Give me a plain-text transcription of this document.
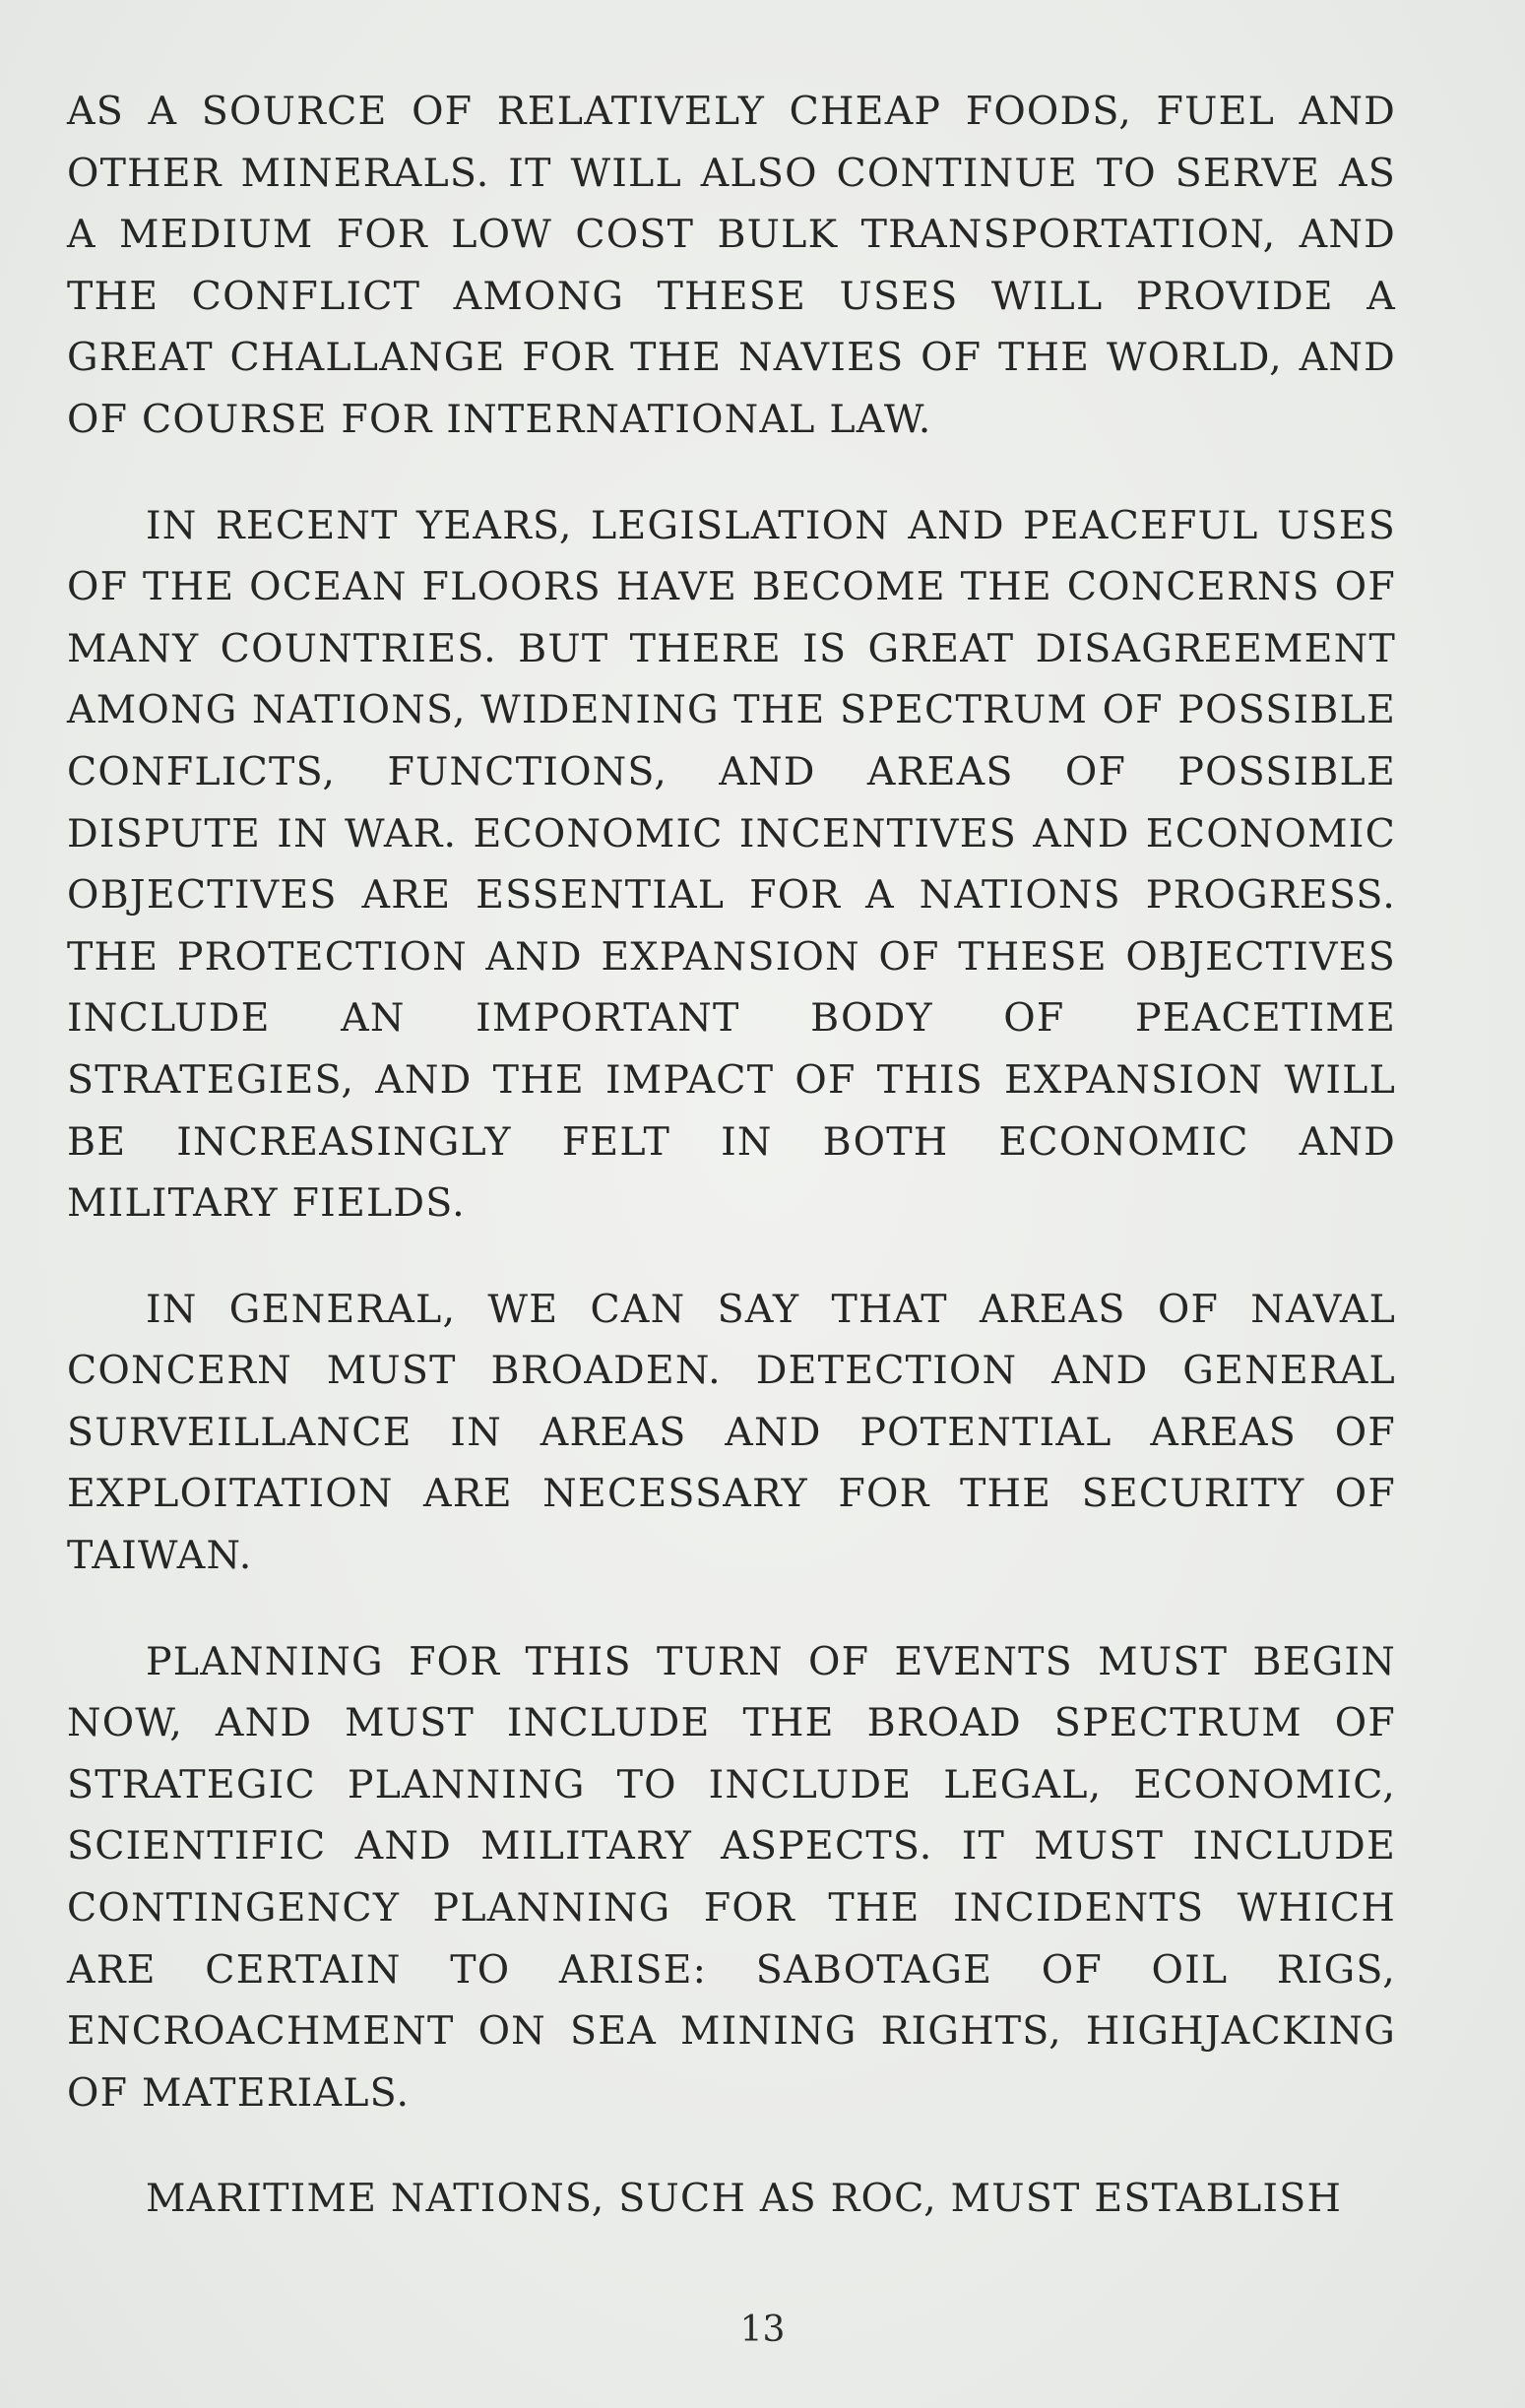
AS A SOURCE OF RELATIVELY CHEAP FOODS, FUEL AND OTHER MINERALS. IT WILL ALSO CONTINUE TO SERVE AS A MEDIUM FOR LOW COST BULK TRANSPORTATION, AND THE CONFLICT AMONG THESE USES WILL PROVIDE A GREAT CHALLANGE FOR THE NAVIES OF THE WORLD, AND OF COURSE FOR INTERNATIONAL LAW.

IN RECENT YEARS, LEGISLATION AND PEACEFUL USES OF THE OCEAN FLOORS HAVE BECOME THE CONCERNS OF MANY COUNTRIES. BUT THERE IS GREAT DISAGREEMENT AMONG NATIONS, WIDENING THE SPECTRUM OF POSSIBLE CONFLICTS, FUNCTIONS, AND AREAS OF POSSIBLE DISPUTE IN WAR. ECONOMIC INCENTIVES AND ECONOMIC OBJECTIVES ARE ESSENTIAL FOR A NATIONS PROGRESS. THE PROTECTION AND EXPANSION OF THESE OBJECTIVES INCLUDE AN IMPORTANT BODY OF PEACETIME STRATEGIES, AND THE IMPACT OF THIS EXPANSION WILL BE INCREASINGLY FELT IN BOTH ECONOMIC AND MILITARY FIELDS.

IN GENERAL, WE CAN SAY THAT AREAS OF NAVAL CONCERN MUST BROADEN. DETECTION AND GENERAL SURVEILLANCE IN AREAS AND POTENTIAL AREAS OF EXPLOITATION ARE NECESSARY FOR THE SECURITY OF TAIWAN.

PLANNING FOR THIS TURN OF EVENTS MUST BEGIN NOW, AND MUST INCLUDE THE BROAD SPECTRUM OF STRATEGIC PLANNING TO INCLUDE LEGAL, ECONOMIC, SCIENTIFIC AND MILITARY ASPECTS. IT MUST INCLUDE CONTINGENCY PLANNING FOR THE INCIDENTS WHICH ARE CERTAIN TO ARISE: SABOTAGE OF OIL RIGS, ENCROACHMENT ON SEA MINING RIGHTS, HIGHJACKING OF MATERIALS.

MARITIME NATIONS, SUCH AS ROC, MUST ESTABLISH

13
